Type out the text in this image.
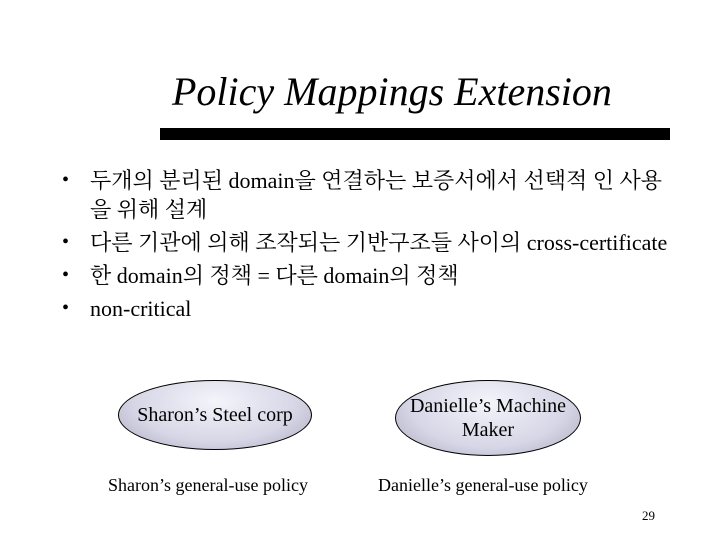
Policy Mappings Extension
• 두개의 분리된 domain을 연결하는 보증서에서 선택적 인 사용을 위해 설계
• 다른 기관에 의해 조작되는 기반구조들 사이의 cross-certificate
• 한 domain의 정책 = 다른 domain의 정책
• non-critical
Sharon’s Steel corp	Danielle’s Machine Maker
Sharon’s general-use policy	Danielle’s general-use policy
29
